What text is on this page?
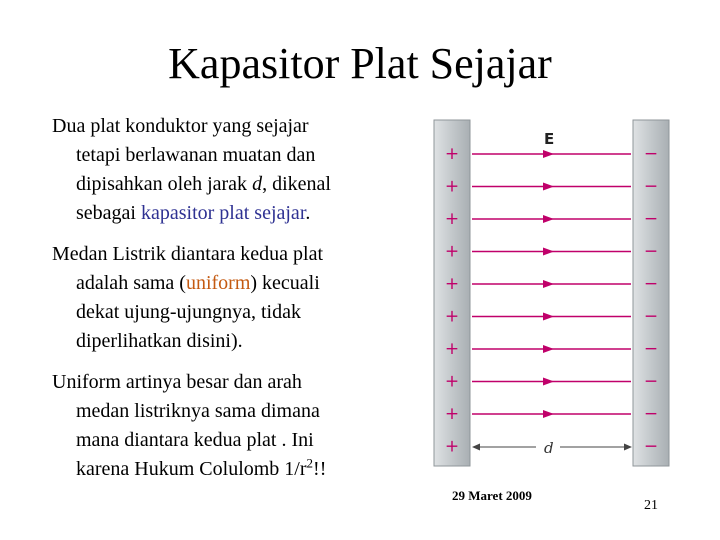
Kapasitor Plat Sejajar
Dua plat konduktor yang sejajar
tetapi berlawanan muatan dan
dipisahkan oleh jarak d, dikenal
sebagai kapasitor plat sejajar.
Medan Listrik diantara kedua plat
adalah sama (uniform) kecuali
dekat ujung-ujungnya, tidak
diperlihatkan disini).
Uniform artinya besar dan arah
medan listriknya sama dimana
mana diantara kedua plat . Ini
karena Hukum Colulomb $1/r^2$!!
+	−
+	−
+	−
+	−
+	−
+	−
+	−
+	−
+	−
+	−
E
d
29 Maret 2009
21
